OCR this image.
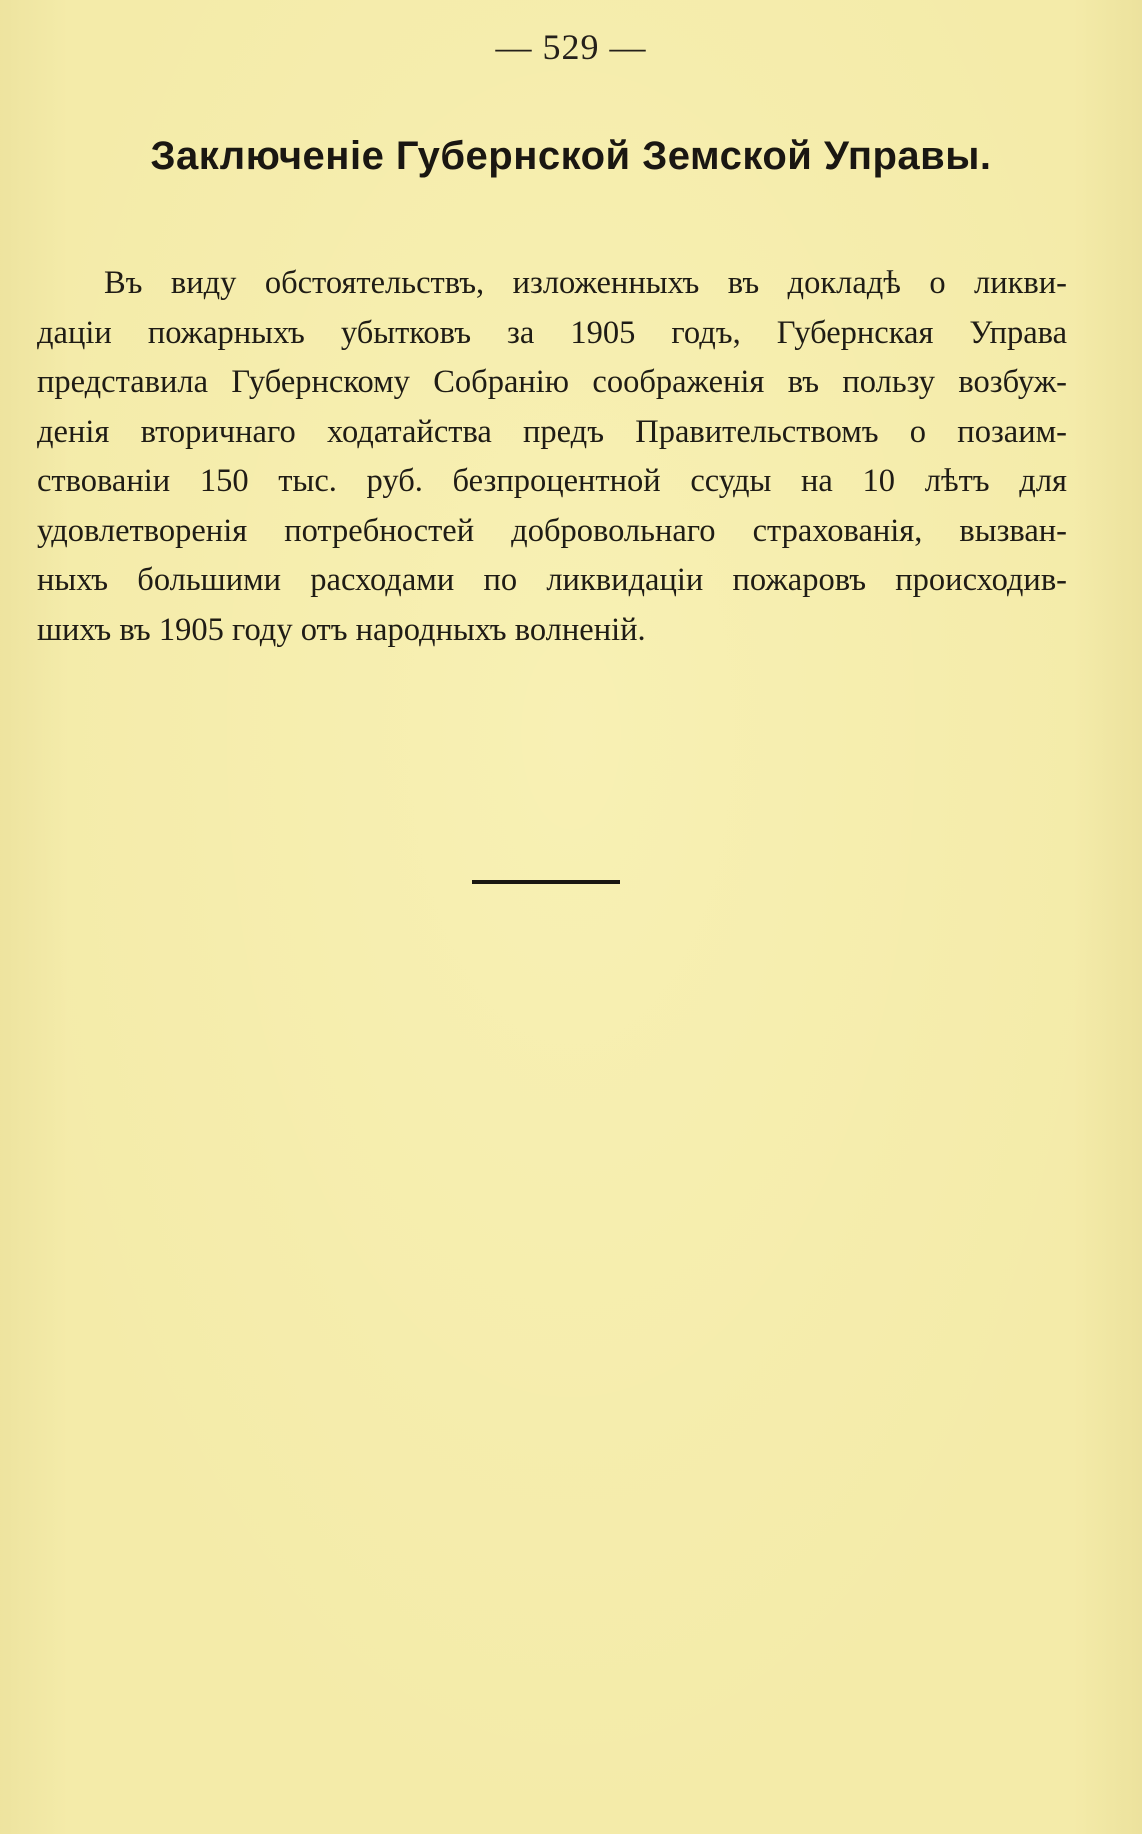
— 529 —
Заключеніе Губернской Земской Управы.
Въ виду обстоятельствъ, изложенныхъ въ докладѣ о ликви-
даціи пожарныхъ убытковъ за 1905 годъ, Губернская Управа
представила Губернскому Собранію соображенія въ пользу возбуж-
денія вторичнаго ходатайства предъ Правительствомъ о позаим-
ствованіи 150 тыс. руб. безпроцентной ссуды на 10 лѣтъ для
удовлетворенія потребностей добровольнаго страхованія, вызван-
ныхъ большими расходами по ликвидаціи пожаровъ происходив-
шихъ въ 1905 году отъ народныхъ волненій.
